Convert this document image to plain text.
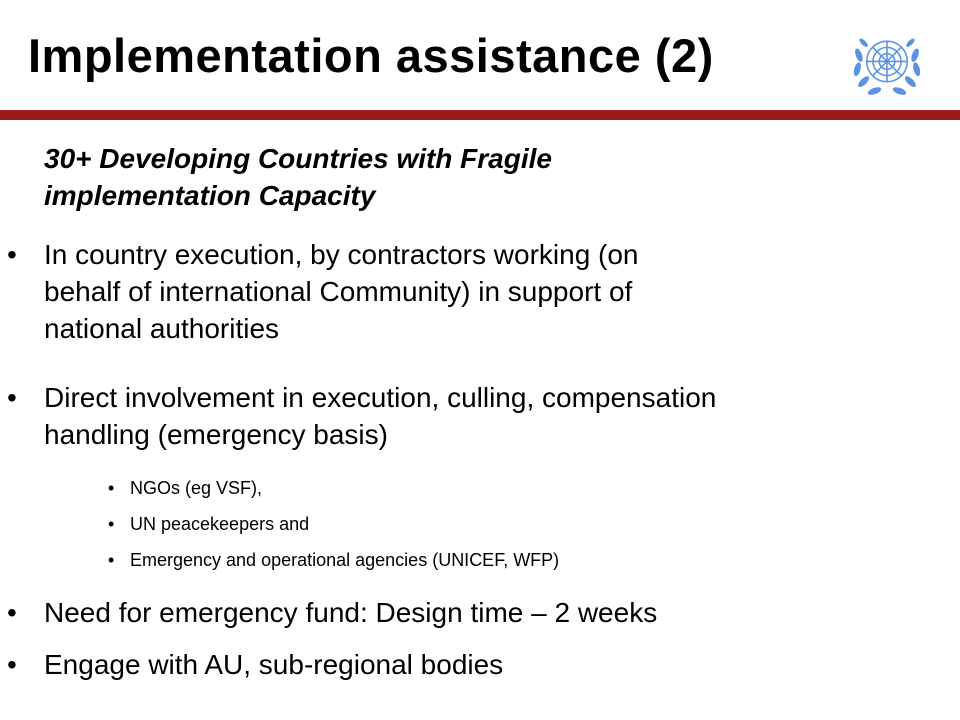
Implementation assistance (2)
30+ Developing Countries with Fragile
implementation Capacity
• In country execution, by contractors working (on
behalf of international Community) in support of
national authorities
• Direct involvement in execution, culling, compensation
handling (emergency basis)
• NGOs (eg VSF),
• UN peacekeepers and
• Emergency and operational agencies (UNICEF, WFP)
• Need for emergency fund: Design time – 2 weeks
• Engage with AU, sub-regional bodies
